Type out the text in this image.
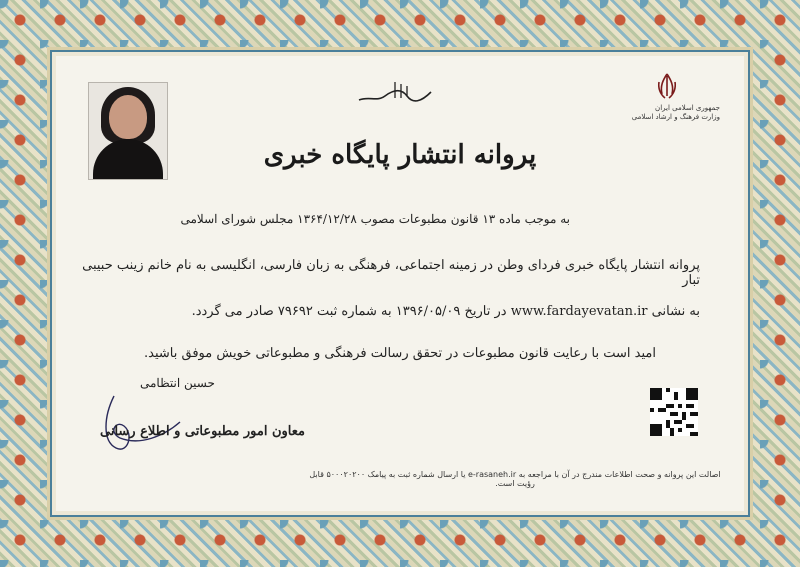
جمهوری اسلامی ایران
وزارت فرهنگ و ارشاد اسلامی
پروانه انتشار پایگاه خبری
به موجب ماده ۱۳ قانون مطبوعات مصوب ۱۳۶۴/۱۲/۲۸ مجلس شورای اسلامی
پروانه انتشار پایگاه خبری فردای وطن در زمینه اجتماعی، فرهنگی به زبان فارسی، انگلیسی به نام خانم زینب حبیبی تبار
به نشانی www.fardayevatan.ir در تاریخ ۱۳۹۶/۰۵/۰۹ به شماره ثبت ۷۹۶۹۲ صادر می گردد.
امید است با رعایت قانون مطبوعات در تحقق رسالت فرهنگی و مطبوعاتی خویش موفق باشید.
حسین انتظامی
معاون امور مطبوعاتی و اطلاع رسانی
اصالت این پروانه و صحت اطلاعات مندرج در آن با مراجعه به e-rasaneh.ir یا ارسال شماره ثبت به پیامک ۵۰۰۰۲۰۲۰۰ قابل رؤیت است.
